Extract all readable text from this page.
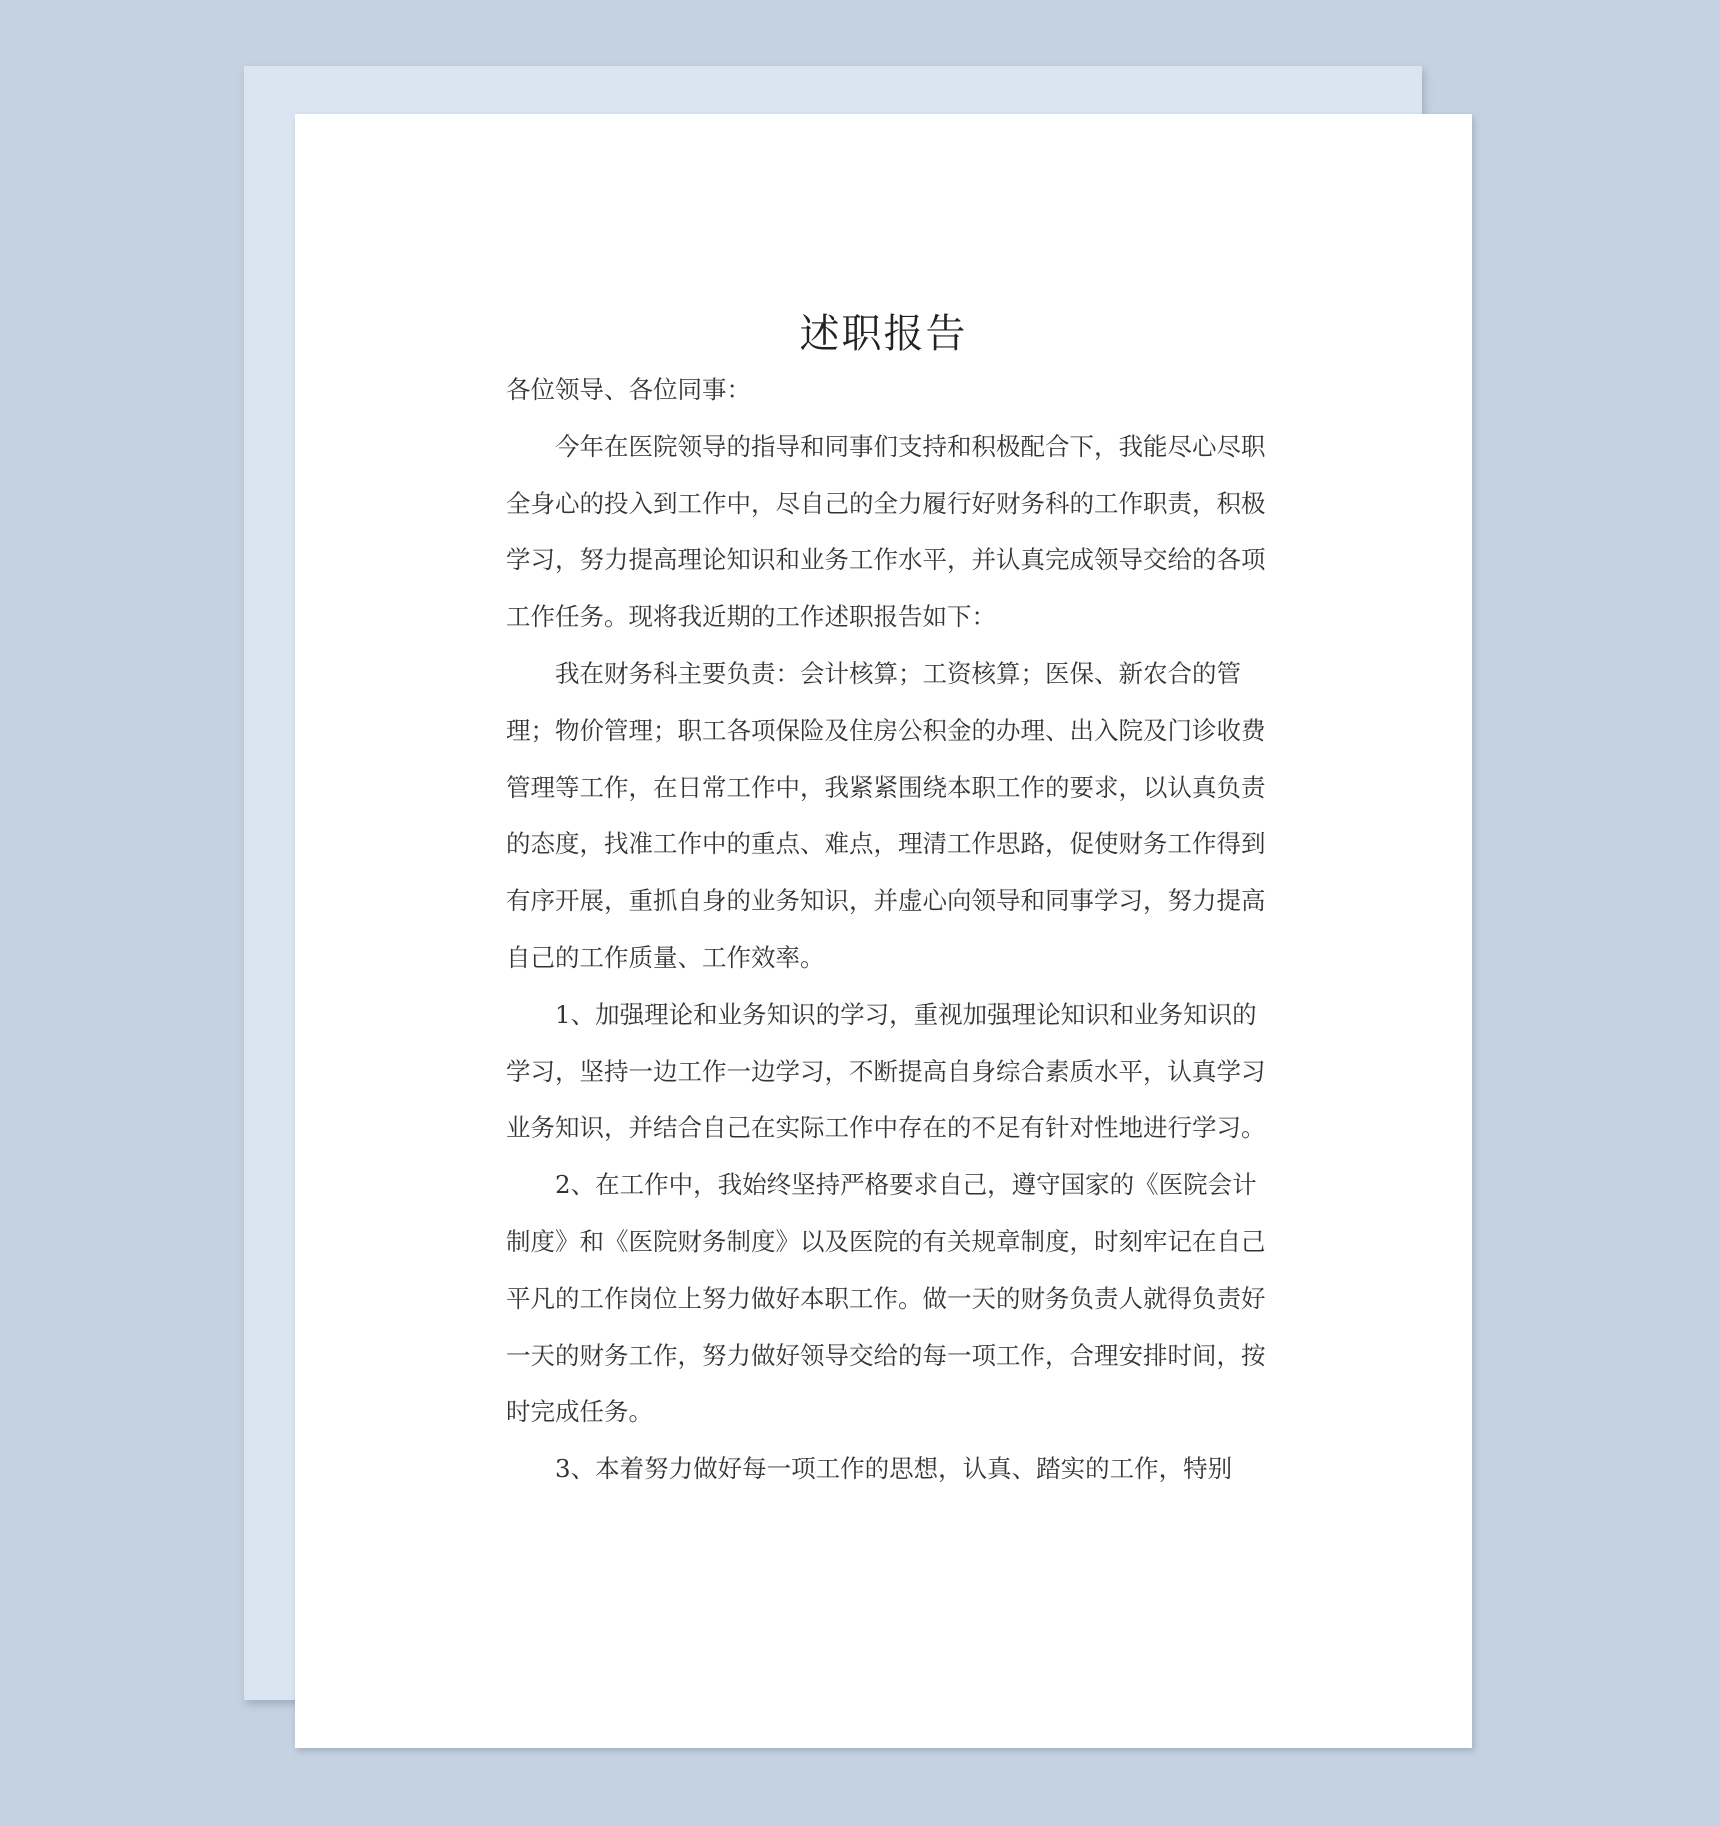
述职报告

各位领导、各位同事：

今年在医院领导的指导和同事们支持和积极配合下，我能尽心尽职全身心的投入到工作中，尽自己的全力履行好财务科的工作职责，积极学习，努力提高理论知识和业务工作水平，并认真完成领导交给的各项工作任务。现将我近期的工作述职报告如下：

我在财务科主要负责：会计核算；工资核算；医保、新农合的管理；物价管理；职工各项保险及住房公积金的办理、出入院及门诊收费管理等工作，在日常工作中，我紧紧围绕本职工作的要求，以认真负责的态度，找准工作中的重点、难点，理清工作思路，促使财务工作得到有序开展，重抓自身的业务知识，并虚心向领导和同事学习，努力提高自己的工作质量、工作效率。

1、加强理论和业务知识的学习，重视加强理论知识和业务知识的学习，坚持一边工作一边学习，不断提高自身综合素质水平，认真学习业务知识，并结合自己在实际工作中存在的不足有针对性地进行学习。

2、在工作中，我始终坚持严格要求自己，遵守国家的《医院会计制度》和《医院财务制度》以及医院的有关规章制度，时刻牢记在自己平凡的工作岗位上努力做好本职工作。做一天的财务负责人就得负责好一天的财务工作，努力做好领导交给的每一项工作，合理安排时间，按时完成任务。

3、本着努力做好每一项工作的思想，认真、踏实的工作，特别
